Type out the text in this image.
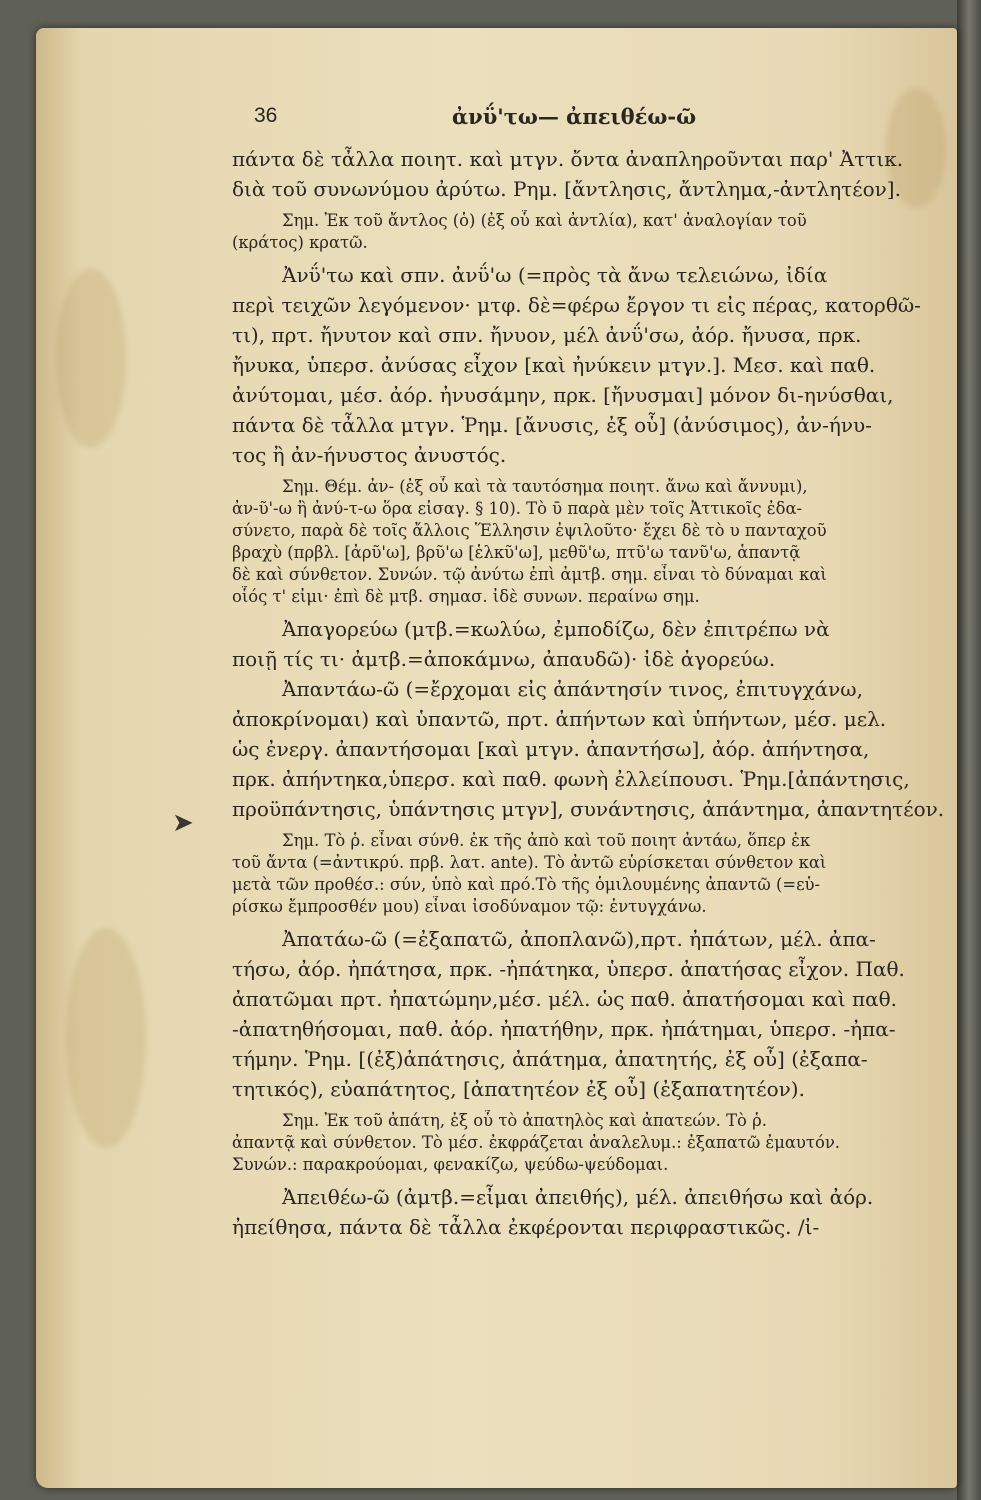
➤
36	ἀνΰ'τω— ἀπειθέω-ῶ
πάντα δὲ τἆλλα ποιητ. καὶ μτγν. ὄντα ἀναπληροῦνται παρ' Ἀττικ.
διὰ τοῦ συνωνύμου ἀρύτω. Ρημ. [ἄντλησις, ἄντλημα,-ἀντλητέον].
Σημ. Ἐκ τοῦ ἄντλος (ὁ) (ἐξ οὗ καὶ ἀντλία), κατ' ἀναλογίαν τοῦ
(κράτος) κρατῶ.
Ἀνΰ'τω καὶ σπν. ἀνΰ'ω (=πρὸς τὰ ἄνω τελειώνω, ἰδία
περὶ τειχῶν λεγόμενον· μτφ. δὲ=φέρω ἔργον τι εἰς πέρας, κατορθῶ-
τι), πρτ. ἤνυτον καὶ σπν. ἤνυον, μέλ ἀνΰ'σω, ἀόρ. ἤνυσα, πρκ.
ἤνυκα, ὑπερσ. ἀνύσας εἶχον [καὶ ἠνύκειν μτγν.]. Μεσ. καὶ παθ.
ἀνύτομαι, μέσ. ἀόρ. ἠνυσάμην, πρκ. [ἤνυσμαι] μόνον δι-ηνύσθαι,
πάντα δὲ τἆλλα μτγν. Ῥημ. [ἄνυσις, ἐξ οὗ] (ἀνύσιμος), ἀν-ήνυ-
τος ἢ ἀν-ήνυστος ἀνυστός.
Σημ. Θέμ. ἀν- (ἐξ οὗ καὶ τὰ ταυτόσημα ποιητ. ἄνω καὶ ἄννυμι),
ἀν-ῦ'-ω ἢ ἀνύ-τ-ω ὅρα εἰσαγ. § 10). Τὸ ῡ παρὰ μὲν τοῖς Ἀττικοῖς ἐδα-
σύνετο, παρὰ δὲ τοῖς ἄλλοις Ἕλλησιν ἐψιλοῦτο· ἔχει δὲ τὸ υ πανταχοῦ
βραχὺ (πρβλ. [ἀρῦ'ω], βρῦ'ω [ἑλκῦ'ω], μεθῦ'ω, πτῦ'ω τανῦ'ω, ἁπαντᾷ
δὲ καὶ σύνθετον. Συνών. τῷ ἀνύτω ἐπὶ ἀμτβ. σημ. εἶναι τὸ δύναμαι καὶ
οἷός τ' εἰμι· ἐπὶ δὲ μτβ. σημασ. ἰδὲ συνων. περαίνω σημ.
Ἀπαγορεύω (μτβ.=κωλύω, ἐμποδίζω, δὲν ἐπιτρέπω νὰ
ποιῇ τίς τι· ἀμτβ.=ἀποκάμνω, ἀπαυδῶ)· ἰδὲ ἀγορεύω.
Ἀπαντάω-ῶ (=ἔρχομαι εἰς ἀπάντησίν τινος, ἐπιτυγχάνω,
ἀποκρίνομαι) καὶ ὑπαντῶ, πρτ. ἀπήντων καὶ ὑπήντων, μέσ. μελ.
ὡς ἐνεργ. ἀπαντήσομαι [καὶ μτγν. ἀπαντήσω], ἀόρ. ἀπήντησα,
πρκ. ἀπήντηκα,ὑπερσ. καὶ παθ. φωνὴ ἐλλείπουσι. Ῥημ.[ἀπάντησις,
προϋπάντησις, ὑπάντησις μτγν], συνάντησις, ἀπάντημα, ἀπαντητέον.
Σημ. Τὸ ῥ. εἶναι σύνθ. ἐκ τῆς ἀπὸ καὶ τοῦ ποιητ ἀντάω, ὅπερ ἐκ
τοῦ ἄντα (=ἀντικρύ. πρβ. λατ. ante). Τὸ ἀντῶ εὑρίσκεται σύνθετον καὶ
μετὰ τῶν προθέσ.: σύν, ὑπὸ καὶ πρό.Τὸ τῆς ὁμιλουμένης ἀπαντῶ (=εὑ-
ρίσκω ἔμπροσθέν μου) εἶναι ἰσοδύναμον τῷ: ἐντυγχάνω.
Ἀπατάω-ῶ (=ἐξαπατῶ, ἀποπλανῶ),πρτ. ἠπάτων, μέλ. ἀπα-
τήσω, ἀόρ. ἠπάτησα, πρκ. -ἠπάτηκα, ὑπερσ. ἀπατήσας εἶχον. Παθ.
ἀπατῶμαι πρτ. ἠπατώμην,μέσ. μέλ. ὡς παθ. ἀπατήσομαι καὶ παθ.
-ἀπατηθήσομαι, παθ. ἀόρ. ἠπατήθην, πρκ. ἠπάτημαι, ὑπερσ. -ἠπα-
τήμην. Ῥημ. [(ἐξ)ἀπάτησις, ἀπάτημα, ἀπατητής, ἐξ οὗ] (ἐξαπα-
τητικός), εὐαπάτητος, [ἀπατητέον ἐξ οὗ] (ἐξαπατητέον).
Σημ. Ἐκ τοῦ ἀπάτη, ἐξ οὗ τὸ ἀπατηλὸς καὶ ἀπατεών. Τὸ ῥ.
ἀπαντᾷ καὶ σύνθετον. Τὸ μέσ. ἐκφράζεται ἀναλελυμ.: ἐξαπατῶ ἐμαυτόν.
Συνών.: παρακρούομαι, φενακίζω, ψεύδω-ψεύδομαι.
Ἀπειθέω-ῶ (ἀμτβ.=εἶμαι ἀπειθής), μέλ. ἀπειθήσω καὶ ἀόρ.
ἠπείθησα, πάντα δὲ τἆλλα ἐκφέρονται περιφραστικῶς. /ἰ-
